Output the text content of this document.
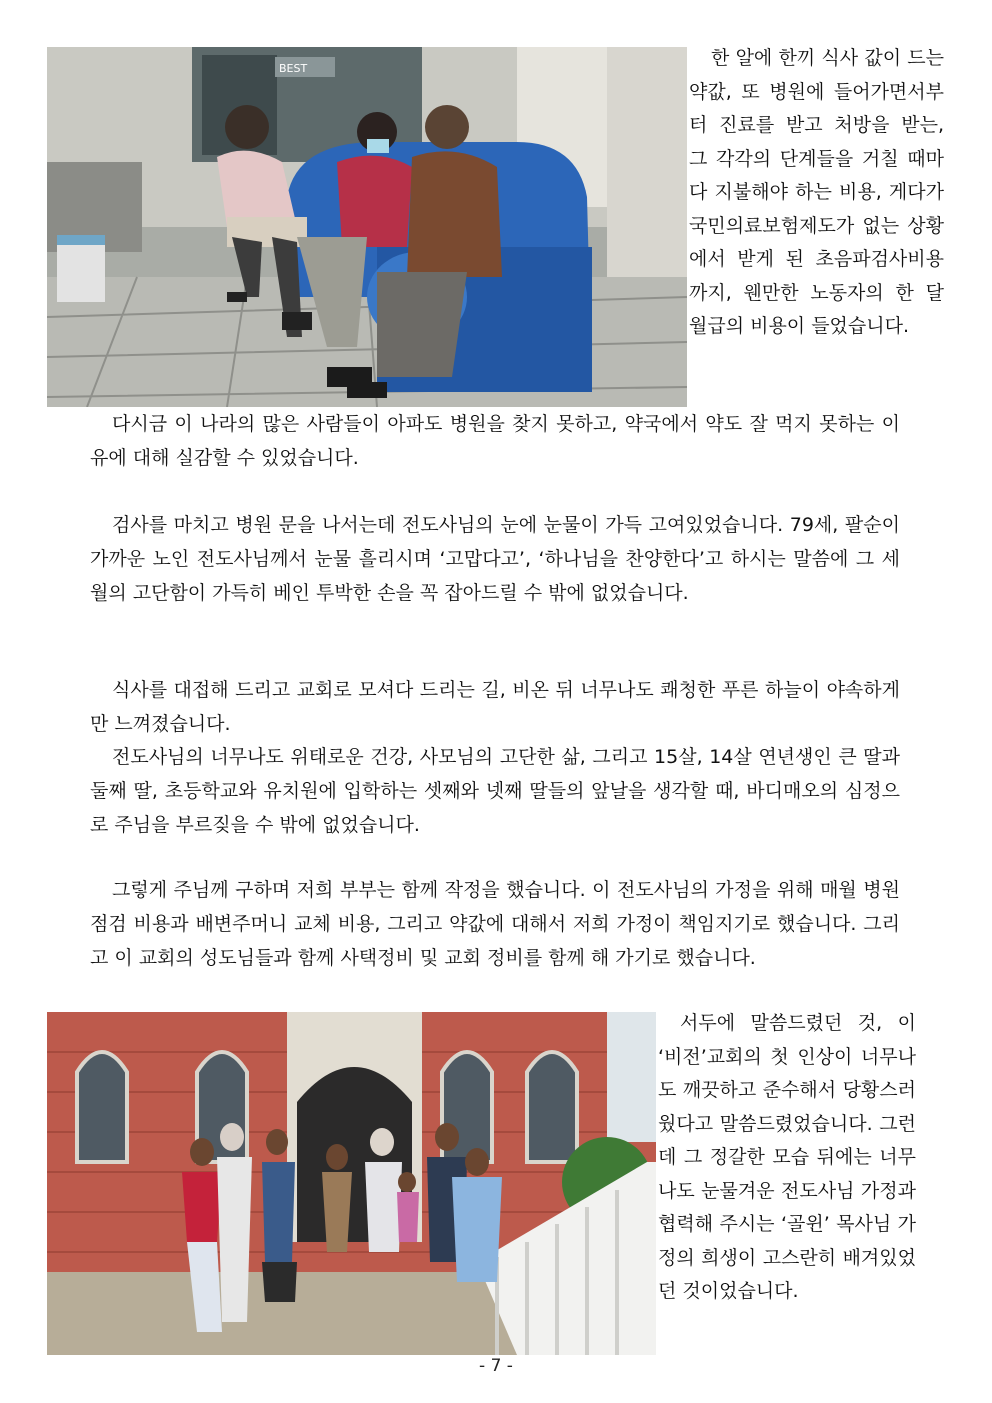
BEST	한 알에 한끼 식사 값이 드는 약값, 또 병원에 들어가면서부터 진료를 받고 처방을 받는, 그 각각의 단계들을 거칠 때마다 지불해야 하는 비용, 게다가 국민의료보험제도가 없는 상황에서 받게 된 초음파검사비용까지, 웬만한 노동자의 한 달 월급의 비용이 들었습니다.

다시금 이 나라의 많은 사람들이 아파도 병원을 찾지 못하고, 약국에서 약도 잘 먹지 못하는 이유에 대해 실감할 수 있었습니다.

검사를 마치고 병원 문을 나서는데 전도사님의 눈에 눈물이 가득 고여있었습니다. 79세, 팔순이 가까운 노인 전도사님께서 눈물 흘리시며 ‘고맙다고’, ‘하나님을 찬양한다’고 하시는 말씀에 그 세월의 고단함이 가득히 베인 투박한 손을 꼭 잡아드릴 수 밖에 없었습니다.

식사를 대접해 드리고 교회로 모셔다 드리는 길, 비온 뒤 너무나도 쾌청한 푸른 하늘이 야속하게만 느껴졌습니다.

전도사님의 너무나도 위태로운 건강, 사모님의 고단한 삶, 그리고 15살, 14살 연년생인 큰 딸과 둘째 딸, 초등학교와 유치원에 입학하는 셋째와 넷째 딸들의 앞날을 생각할 때, 바디매오의 심정으로 주님을 부르짖을 수 밖에 없었습니다.

그렇게 주님께 구하며 저희 부부는 함께 작정을 했습니다. 이 전도사님의 가정을 위해 매월 병원 점검 비용과 배변주머니 교체 비용, 그리고 약값에 대해서 저희 가정이 책임지기로 했습니다. 그리고 이 교회의 성도님들과 함께 사택정비 및 교회 정비를 함께 해 가기로 했습니다.

서두에 말씀드렸던 것, 이 ‘비전’교회의 첫 인상이 너무나도 깨끗하고 준수해서 당황스러웠다고 말씀드렸었습니다. 그런데 그 정갈한 모습 뒤에는 너무나도 눈물겨운 전도사님 가정과 협력해 주시는 ‘골윈’ 목사님 가정의 희생이 고스란히 배겨있었던 것이었습니다.

- 7 -
